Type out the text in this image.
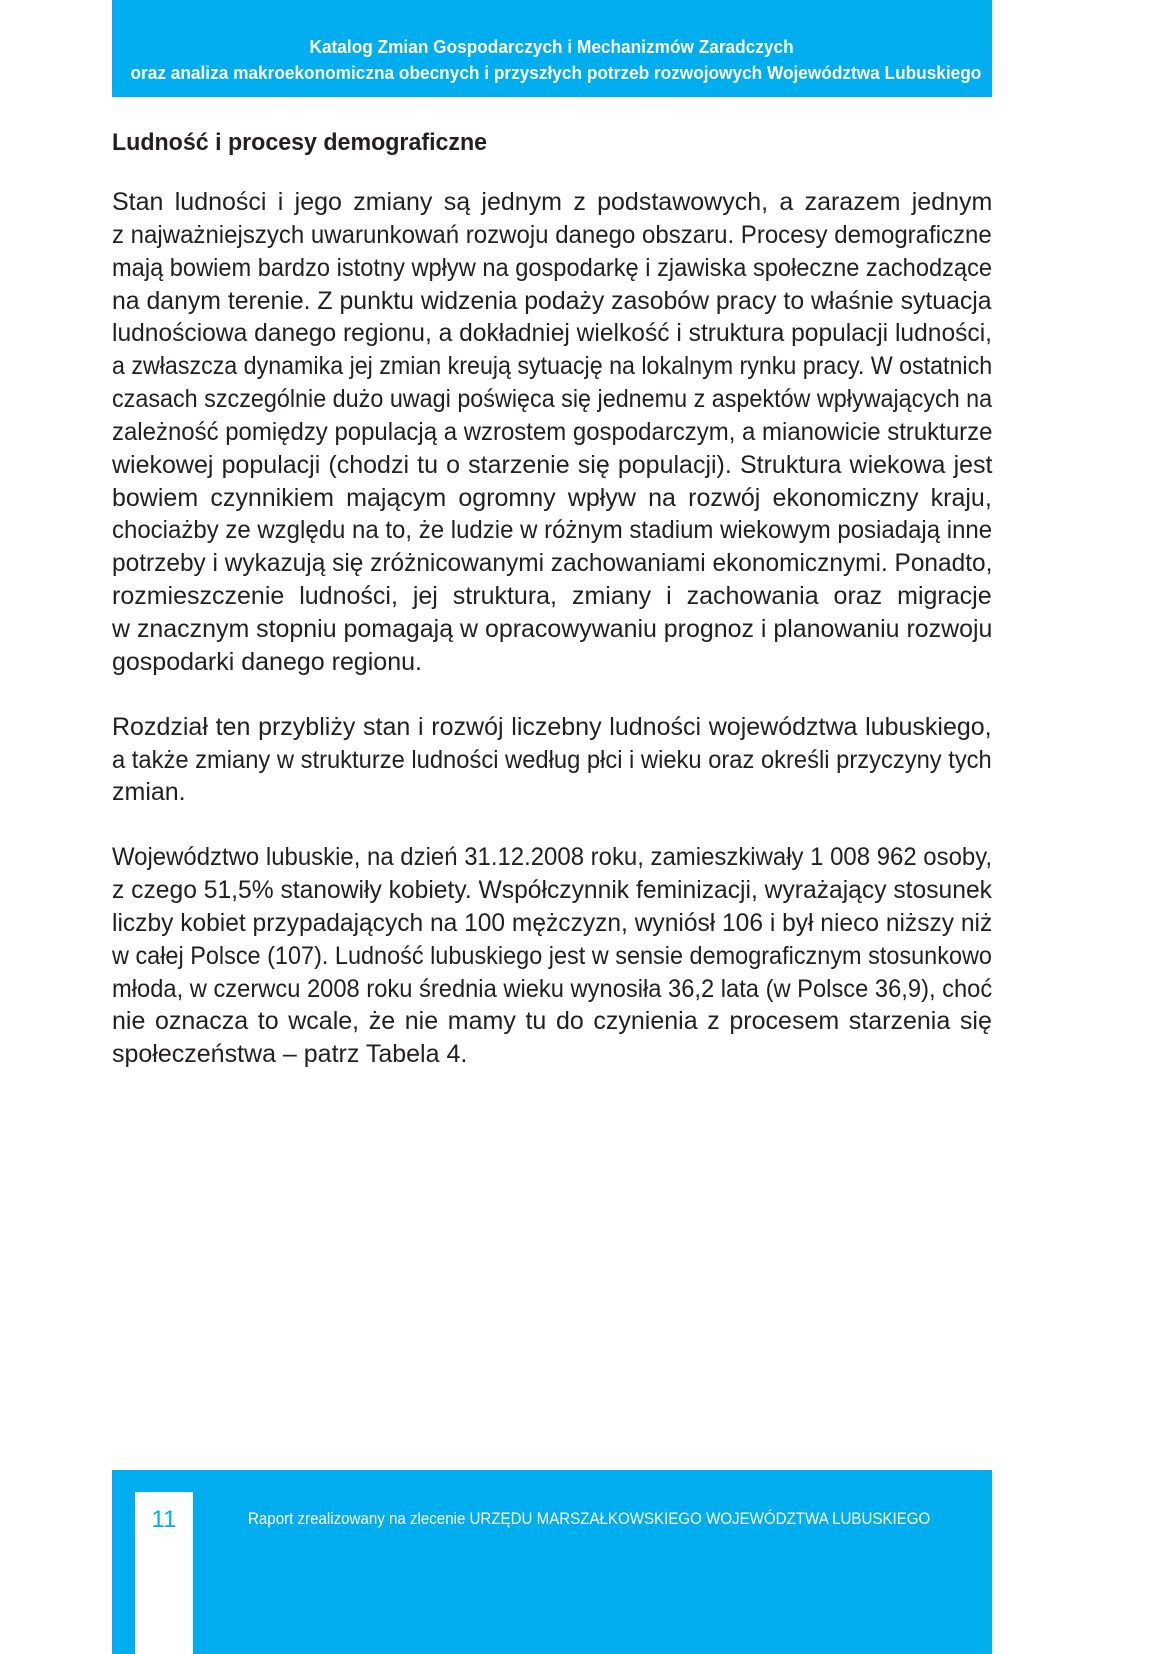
Katalog Zmian Gospodarczych i Mechanizmów Zaradczych
oraz analiza makroekonomiczna obecnych i przyszłych potrzeb rozwojowych Województwa Lubuskiego
Ludność i procesy demograficzne
Stan ludności i jego zmiany są jednym z podstawowych, a zarazem jednym
z najważniejszych uwarunkowań rozwoju danego obszaru. Procesy demograficzne
mają bowiem bardzo istotny wpływ na gospodarkę i zjawiska społeczne zachodzące
na danym terenie. Z punktu widzenia podaży zasobów pracy to właśnie sytuacja
ludnościowa danego regionu, a dokładniej wielkość i struktura populacji ludności,
a zwłaszcza dynamika jej zmian kreują sytuację na lokalnym rynku pracy. W ostatnich
czasach szczególnie dużo uwagi poświęca się jednemu z aspektów wpływających na
zależność pomiędzy populacją a wzrostem gospodarczym, a mianowicie strukturze
wiekowej populacji (chodzi tu o starzenie się populacji). Struktura wiekowa jest
bowiem czynnikiem mającym ogromny wpływ na rozwój ekonomiczny kraju,
chociażby ze względu na to, że ludzie w różnym stadium wiekowym posiadają inne
potrzeby i wykazują się zróżnicowanymi zachowaniami ekonomicznymi. Ponadto,
rozmieszczenie ludności, jej struktura, zmiany i zachowania oraz migracje
w znacznym stopniu pomagają w opracowywaniu prognoz i planowaniu rozwoju
gospodarki danego regionu.
Rozdział ten przybliży stan i rozwój liczebny ludności województwa lubuskiego,
a także zmiany w strukturze ludności według płci i wieku oraz określi przyczyny tych
zmian.
Województwo lubuskie, na dzień 31.12.2008 roku, zamieszkiwały 1 008 962 osoby,
z czego 51,5% stanowiły kobiety. Współczynnik feminizacji, wyrażający stosunek
liczby kobiet przypadających na 100 mężczyzn, wyniósł 106 i był nieco niższy niż
w całej Polsce (107). Ludność lubuskiego jest w sensie demograficznym stosunkowo
młoda, w czerwcu 2008 roku średnia wieku wynosiła 36,2 lata (w Polsce 36,9), choć
nie oznacza to wcale, że nie mamy tu do czynienia z procesem starzenia się
społeczeństwa – patrz Tabela 4.
11	Raport zrealizowany na zlecenie URZĘDU MARSZAŁKOWSKIEGO WOJEWÓDZTWA LUBUSKIEGO
